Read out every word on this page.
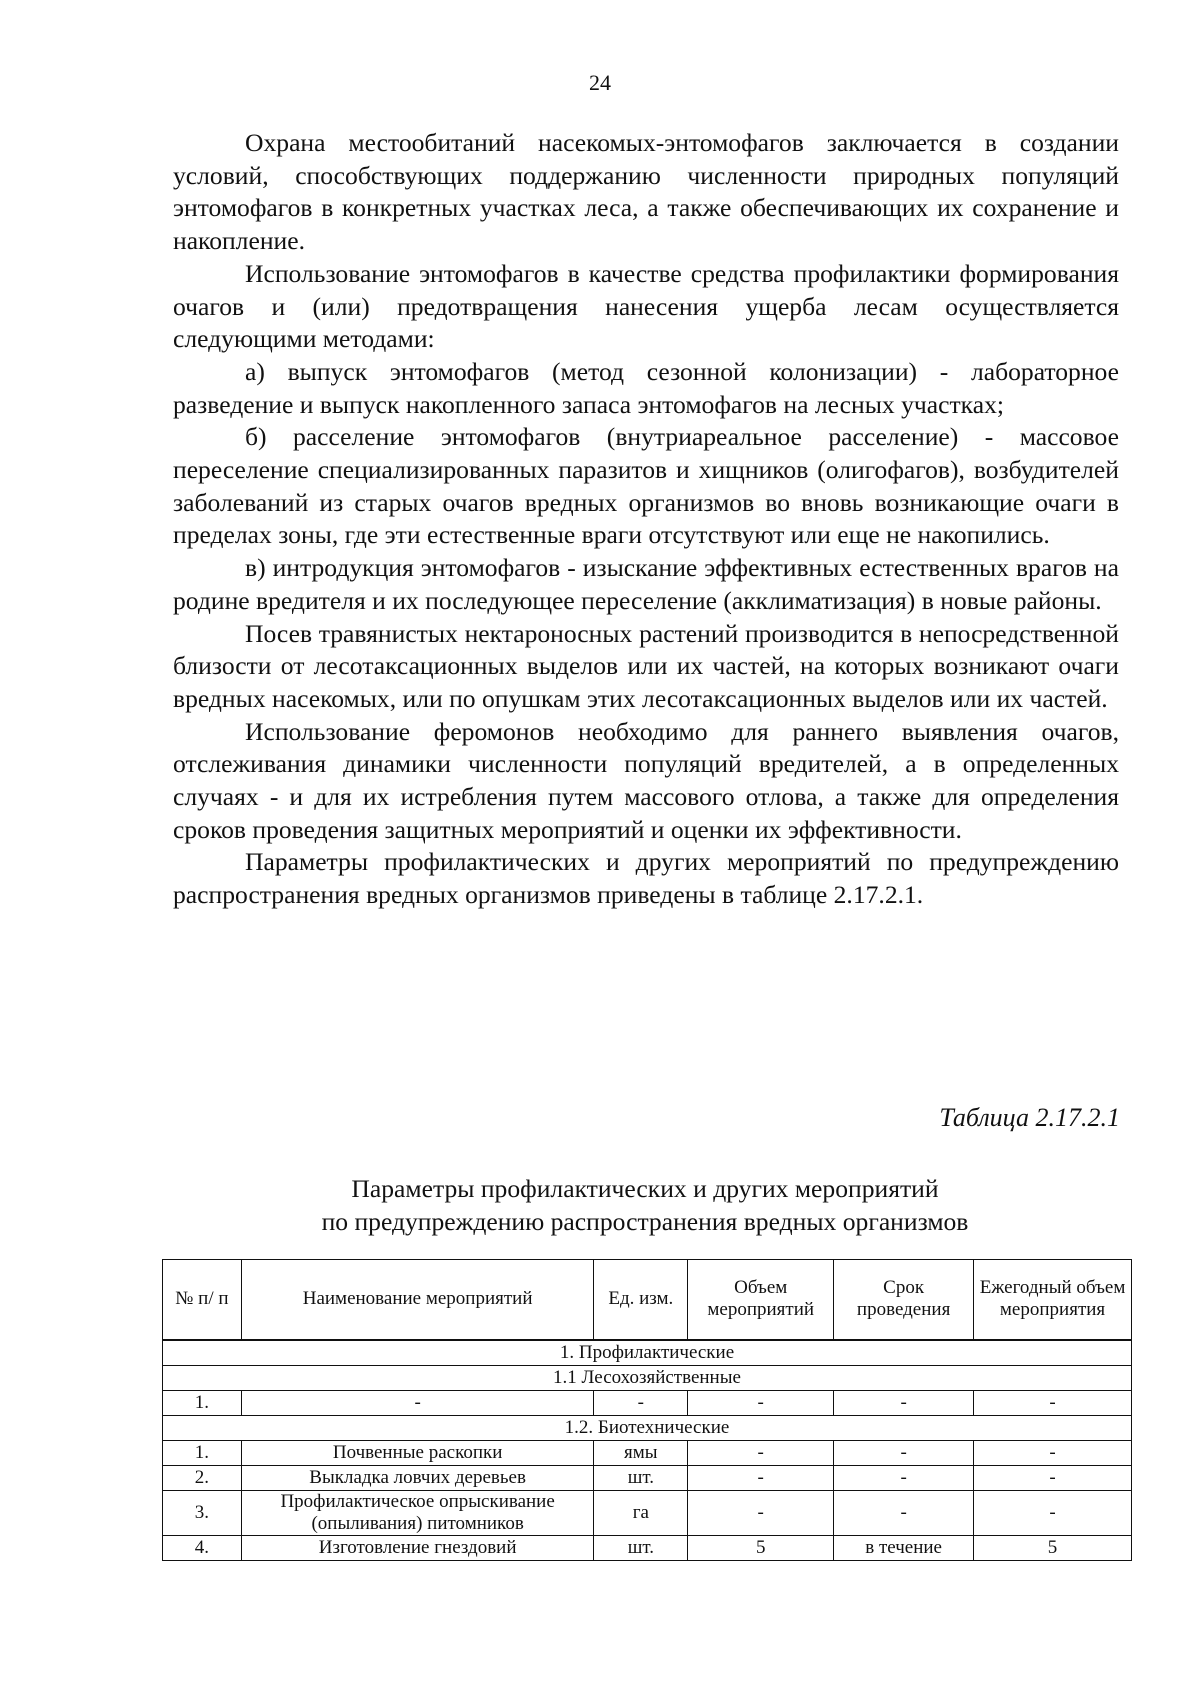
24

Охрана местообитаний насекомых-энтомофагов заключается в создании условий, способствующих поддержанию численности природных популяций энтомофагов в конкретных участках леса, а также обеспечивающих их сохранение и накопление.

Использование энтомофагов в качестве средства профилактики формирования очагов и (или) предотвращения нанесения ущерба лесам осуществляется следующими методами:

а) выпуск энтомофагов (метод сезонной колонизации) - лабораторное разведение и выпуск накопленного запаса энтомофагов на лесных участках;

б) расселение энтомофагов (внутриареальное расселение) - массовое переселение специализированных паразитов и хищников (олигофагов), возбудителей заболеваний из старых очагов вредных организмов во вновь возникающие очаги в пределах зоны, где эти естественные враги отсутствуют или еще не накопились.

в) интродукция энтомофагов - изыскание эффективных естественных врагов на родине вредителя и их последующее переселение (акклиматизация) в новые районы.

Посев травянистых нектароносных растений производится в непосредственной близости от лесотаксационных выделов или их частей, на которых возникают очаги вредных насекомых, или по опушкам этих лесотаксационных выделов или их частей.

Использование феромонов необходимо для раннего выявления очагов, отслеживания динамики численности популяций вредителей, а в определенных случаях - и для их истребления путем массового отлова, а также для определения сроков проведения защитных мероприятий и оценки их эффективности.

Параметры профилактических и других мероприятий по предупреждению распространения вредных организмов приведены в таблице 2.17.2.1.

Таблица 2.17.2.1
Параметры профилактических и других мероприятий
по предупреждению распространения вредных организмов
№ п/ п	Наименование мероприятий	Ед. изм.	Объем мероприятий	Срок проведения	Ежегодный объем мероприятия
1. Профилактические					
1.1 Лесохозяйственные					
1.	-	-	-	-	-
1.2. Биотехнические					
1.	Почвенные раскопки	ямы	-	-	-
2.	Выкладка ловчих деревьев	шт.	-	-	-
3.	Профилактическое опрыскивание (опыливания) питомников	га	-	-	-
4.	Изготовление гнездовий	шт.	5	в течение	5
